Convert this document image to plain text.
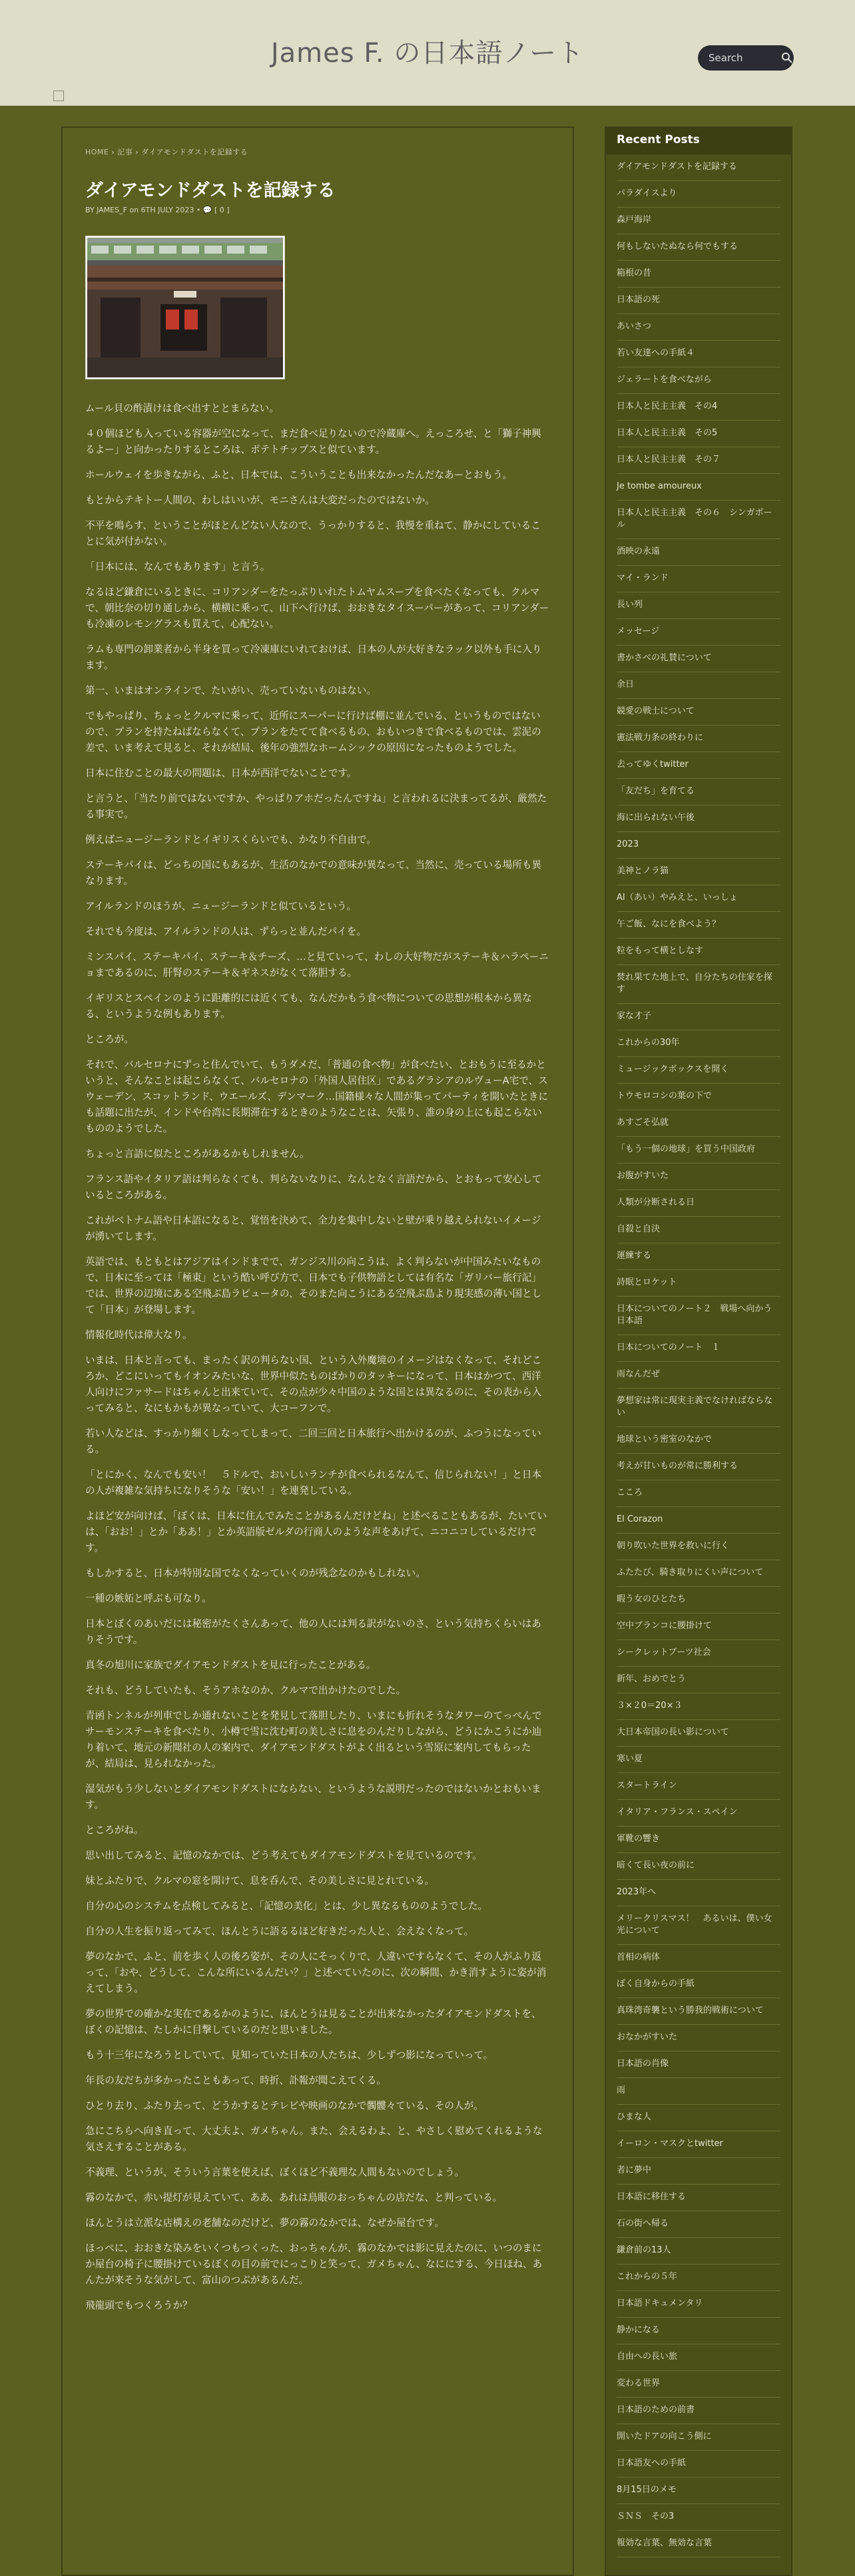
James F. の日本語ノート
Search
HOME › 記事 › ダイアモンドダストを記録する
ダイアモンドダストを記録する
BY JAMES_F on 6TH JULY 2023 • 💬 [ 0 ]

ムール貝の酢漬けは食べ出すととまらない。

４０個ほども入っている容器が空になって、まだ食べ足りないので冷蔵庫へ。えっころせ、と「獅子神興るよー」と向かったりするところは、ポテトチップスと似ています。

ホールウェイを歩きながら、ふと、日本では、こういうことも出来なかったんだなあーとおもう。

もとからテキトー人間の、わしはいいが、モニさんは大変だったのではないか。

不平を鳴らす、ということがほとんどない人なので、うっかりすると、我慢を重ねて、静かにしていることに気が付かない。

「日本には、なんでもあります」と言う。

なるほど鎌倉にいるときに、コリアンダーをたっぷりいれたトムヤムスープを食べたくなっても、クルマで、朝比奈の切り通しから、横横に乗って、山下へ行けば、おおきなタイスーパーがあって、コリアンダーも冷凍のレモングラスも買えて、心配ない。

ラムも専門の卸業者から半身を買って冷凍庫にいれておけば、日本の人が大好きなラック以外も手に入ります。

第一、いまはオンラインで、たいがい、売っていないものはない。

でもやっぱり、ちょっとクルマに乗って、近所にスーパーに行けば棚に並んでいる、というものではないので、プランを持たねばならなくて、プランをたてて食べるもの、おもいつきで食べるものでは、雲泥の差で、いま考えて見ると、それが結局、後年の強烈なホームシックの原因になったものようでした。

日本に住むことの最大の問題は、日本が西洋でないことです。

と言うと、「当たり前ではないですか、やっぱりアホだったんですね」と言われるに決まってるが、厳然たる事実で。

例えばニュージーランドとイギリスくらいでも、かなり不自由で。

ステーキパイは、どっちの国にもあるが、生活のなかでの意味が異なって、当然に、売っている場所も異なります。

アイルランドのほうが、ニュージーランドと似ているという。

それでも今度は、アイルランドの人は、ずらっと並んだパイを。

ミンスパイ、ステーキパイ、ステーキ＆チーズ、…と見ていって、わしの大好物だがステーキ＆ハラペーニョまであるのに、肝腎のステーキ＆ギネスがなくて落胆する。

イギリスとスペインのように距離的には近くても、なんだかもう食べ物についての思想が根本から異なる、というような例もあります。

ところが。

それで、バルセロナにずっと住んでいて、もうダメだ、「普通の食べ物」が食べたい、とおもうに至るかというと、そんなことは起こらなくて、バルセロナの「外国人居住区」であるグラシアのルヴューA宅で、スウェーデン、スコットランド、ウエールズ、デンマーク…国籍様々な人間が集ってパーティを開いたときにも話題に出たが、インドや台湾に長期滞在するときのようなことは、矢張り、誰の身の上にも起こらないもののようでした。

ちょっと言語に似たところがあるかもしれません。

フランス語やイタリア語は判らなくても、判らないなりに、なんとなく言語だから、とおもって安心しているところがある。

これがベトナム語や日本語になると、覚悟を決めて、全力を集中しないと壁が乗り越えられないイメージが湧いてします。

英語では、もともとはアジアはインドまでで、ガンジス川の向こうは、よく判らないが中国みたいなもので、日本に至っては「極東」という酷い呼び方で、日本でも子供物語としては有名な「ガリバー旅行記」では、世界の辺境にある空飛ぶ島ラピュータの、そのまた向こうにある空飛ぶ島より現実感の薄い国として「日本」が登場します。

情報化時代は偉大なり。

いまは、日本と言っても、まったく訳の判らない国、という入外魔境のイメージはなくなって、それどころか、どこにいってもイオンみたいな、世界中似たものばかりのタッキーになって、日本はかつて、西洋人向けにファサードはちゃんと出来ていて、その点が少々中国のような国とは異なるのに、その表から入ってみると、なにもかもが異なっていて、大コーフンで。

若い人などは、すっかり細くしなってしまって、二回三回と日本旅行へ出かけるのが、ふつうになっている。

「とにかく、なんでも安い！　５ドルで、おいしいランチが食べられるなんて、信じられない！」と日本の人が複雑な気持ちになりそうな「安い！」を連発している。

よほど安が向けば、「ぼくは、日本に住んでみたことがあるんだけどね」と述べることもあるが、たいていは、「おお！」とか「ああ！」とか英語版ゼルダの行商人のような声をあげて、ニコニコしているだけです。

もしかすると、日本が特別な国でなくなっていくのが残念なのかもしれない。

一種の嫉妬と呼ぶも可なり。

日本とぼくのあいだには秘密がたくさんあって、他の人には判る訳がないのさ、という気持ちくらいはありそうです。

真冬の旭川に家族でダイアモンドダストを見に行ったことがある。

それも、どうしていたも、そうアホなのか、クルマで出かけたのでした。

青函トンネルが列車でしか通れないことを発見して落胆したり、いまにも折れそうなタワーのてっぺんでサーモンステーキを食べたり、小樽で雪に沈む町の美しさに息をのんだりしながら、どうにかこうにか辿り着いて、地元の新聞社の人の案内で、ダイアモンドダストがよく出るという雪原に案内してもらったが、結局は、見られなかった。

湿気がもう少しないとダイアモンドダストにならない、というような説明だったのではないかとおもいます。

ところがね。

思い出してみると、記憶のなかでは、どう考えてもダイアモンドダストを見ているのです。

妹とふたりで、クルマの窓を開けて、息を呑んで、その美しさに見とれている。

自分の心のシステムを点検してみると、「記憶の美化」とは、少し異なるもののようでした。

自分の人生を振り返ってみて、ほんとうに語るるほど好きだった人と、会えなくなって。

夢のなかで、ふと、前を歩く人の後ろ姿が、その人にそっくりで、人違いですらなくて、その人がふり返って、「おや、どうして、こんな所にいるんだい？」と述べていたのに、次の瞬間、かき消すように姿が消えてしまう。

夢の世界での確かな実在であるかのように、ほんとうは見ることが出来なかったダイアモンドダストを、ぼくの記憶は、たしかに目撃しているのだと思いました。

もう十三年になろうとしていて、見知っていた日本の人たちは、少しずつ影になっていって。

年長の友だちが多かったこともあって、時折、訃報が聞こえてくる。

ひとり去り、ふたり去って、どうかするとテレビや映画のなかで髑髏々ている、その人が。

急にこちらへ向き直って、大丈夫よ、ガメちゃん。また、会えるわよ、と、やさしく慰めてくれるような気さえすることがある。

不義理、というが、そういう言葉を使えば、ぼくほど不義理な人間もないのでしょう。

霧のなかで、赤い提灯が見えていて、ああ、あれは鳥眼のおっちゃんの店だな、と判っている。

ほんとうは立派な店構えの老舗なのだけど、夢の霧のなかでは、なぜか屋台です。

ほっぺに、おおきな染みをいくつもつくった、おっちゃんが、霧のなかでは影に見えたのに、いつのまにか屋台の椅子に腰掛けているぼくの目の前でにっこりと笑って、ガメちゃん、なににする、今日ほね、あんたが来そうな気がして、富山のつぶがあるんだ。

飛龍頭でもつくろうか？

Recent Posts
ダイアモンドダストを記録する
パラダイスより
森戸海岸
何もしないたぬなら何でもする
箱根の昔
日本語の死
あいさつ
若い友達への手紙４
ジェラートを食べながら
日本人と民主主義　その4
日本人と民主主義　その5
日本人と民主主義　その７
Je tombe amoureux
日本人と民主主義　その６　シンガポール
酒映の永遠
マイ・ランド
長い列
メッセージ
書かさべの礼賛について
余日
競愛の戦士について
憲法戦力条の終わりに
去ってゆくtwitter
「友だち」を育てる
海に出られない午後
2023
美神とノラ猫
AI（あい）やみえと、いっしょ
午ご飯、なにを食べよう？
粒をもって横としなす
焚れ果てた地上で、自分たちの住家を探す
家な才子
これからの30年
ミュージックボックスを開く
トウモロコシの葉の下で
あすごそ弘就
「もう一個の地球」を買う中国政府
お腹がすいた
人類が分断される日
自殺と自決
運練する
詩眠とロケット
日本についてのノート２　戦場へ向かう日本語
日本についてのノート　１
雨なんだぜ
夢想家は常に現実主義でなければならない
地球という密室のなかで
考えが甘いものが常に勝利する
こころ
El Corazon
朝り吹いた世界を救いに行く
ふたたび、騎き取りにくい声について
暇う女のひとたち
空中ブランコに腰掛けて
シークレットブーツ社会
新年、おめでとう
３×２0＝20×３
大日本帝国の長い影について
寒い夏
スタートライン
イタリア・フランス・スペイン
軍靴の響き
暗くて長い夜の前に
2023年へ
メリークリスマス！　あるいは、僕い女光について
首相の病体
ぼく自身からの手紙
真珠湾奇襲という勝我的戦術について
おなかがすいた
日本語の肖像
雨
ひまな人
イーロン・マスクとtwitter
者に夢中
日本語に移住する
石の街へ帰る
鎌倉前の13人
これからの５年
日本語ドキュメンタリ
静かになる
自由への長い旅
変わる世界
日本語のための前書
開いたドアの向こう側に
日本語友への手紙
8月15日のメモ
ＳＮＳ　その3
報効な言葉、無効な言葉
